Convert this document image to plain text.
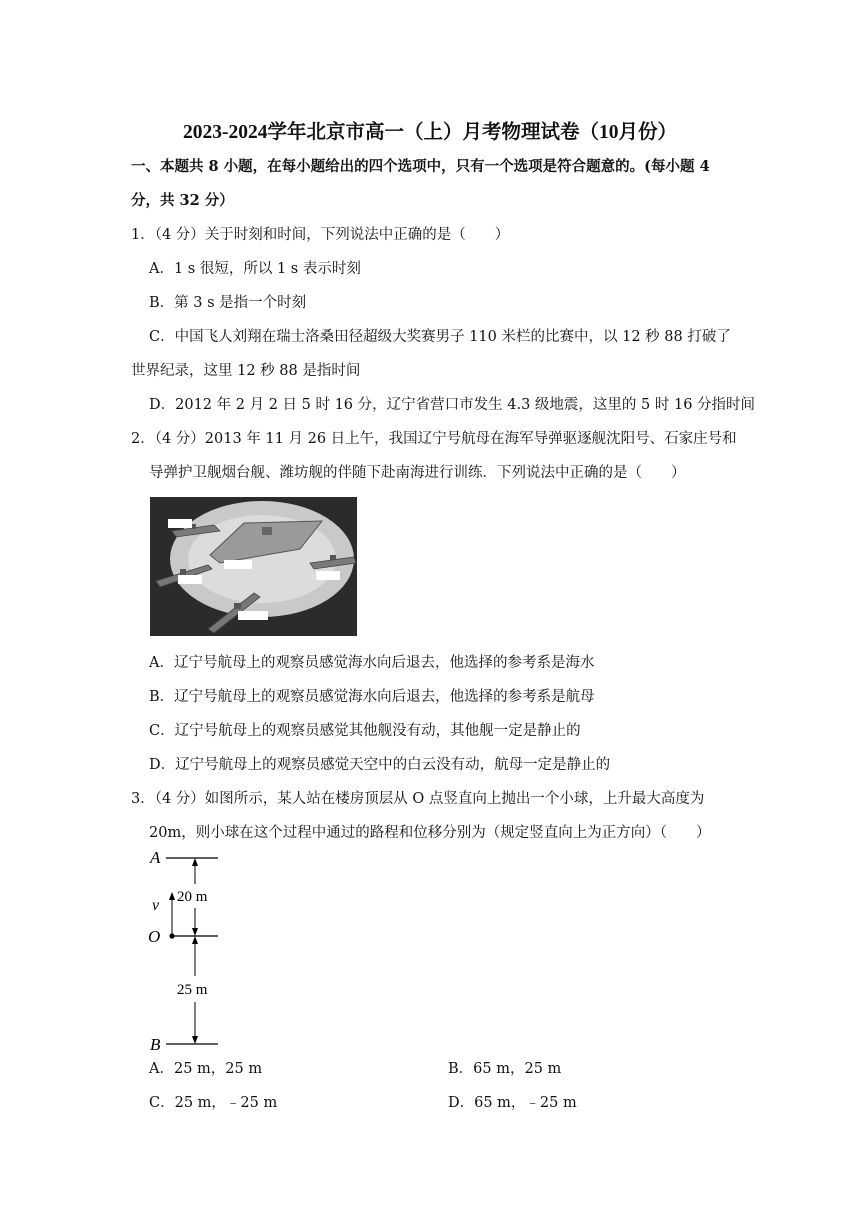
2023-2024学年北京市高一（上）月考物理试卷（10月份）
一、本题共 8 小题，在每小题给出的四个选项中，只有一个选项是符合题意的。(每小题 4
分，共 32 分）
1．（4 分）关于时刻和时间，下列说法中正确的是（　　）
A．1 s 很短，所以 1 s 表示时刻
B．第 3 s 是指一个时刻
C．中国飞人刘翔在瑞士洛桑田径超级大奖赛男子 110 米栏的比赛中，以 12 秒 88 打破了
世界纪录，这里 12 秒 88 是指时间
D．2012 年 2 月 2 日 5 时 16 分，辽宁省营口市发生 4.3 级地震，这里的 5 时 16 分指时间
2．（4 分）2013 年 11 月 26 日上午，我国辽宁号航母在海军导弹驱逐舰沈阳号、石家庄号和
导弹护卫舰烟台舰、潍坊舰的伴随下赴南海进行训练．下列说法中正确的是（　　）
A．辽宁号航母上的观察员感觉海水向后退去，他选择的参考系是海水
B．辽宁号航母上的观察员感觉海水向后退去，他选择的参考系是航母
C．辽宁号航母上的观察员感觉其他舰没有动，其他舰一定是静止的
D．辽宁号航母上的观察员感觉天空中的白云没有动，航母一定是静止的
3．（4 分）如图所示，某人站在楼房顶层从 O 点竖直向上抛出一个小球，上升最大高度为
20m，则小球在这个过程中通过的路程和位移分别为（规定竖直向上为正方向）（　　）
A
O
B
v 20 m
25 m
A．25 m，25 m	B．65 m，25 m
C．25 m，﹣25 m	D．65 m，﹣25 m
